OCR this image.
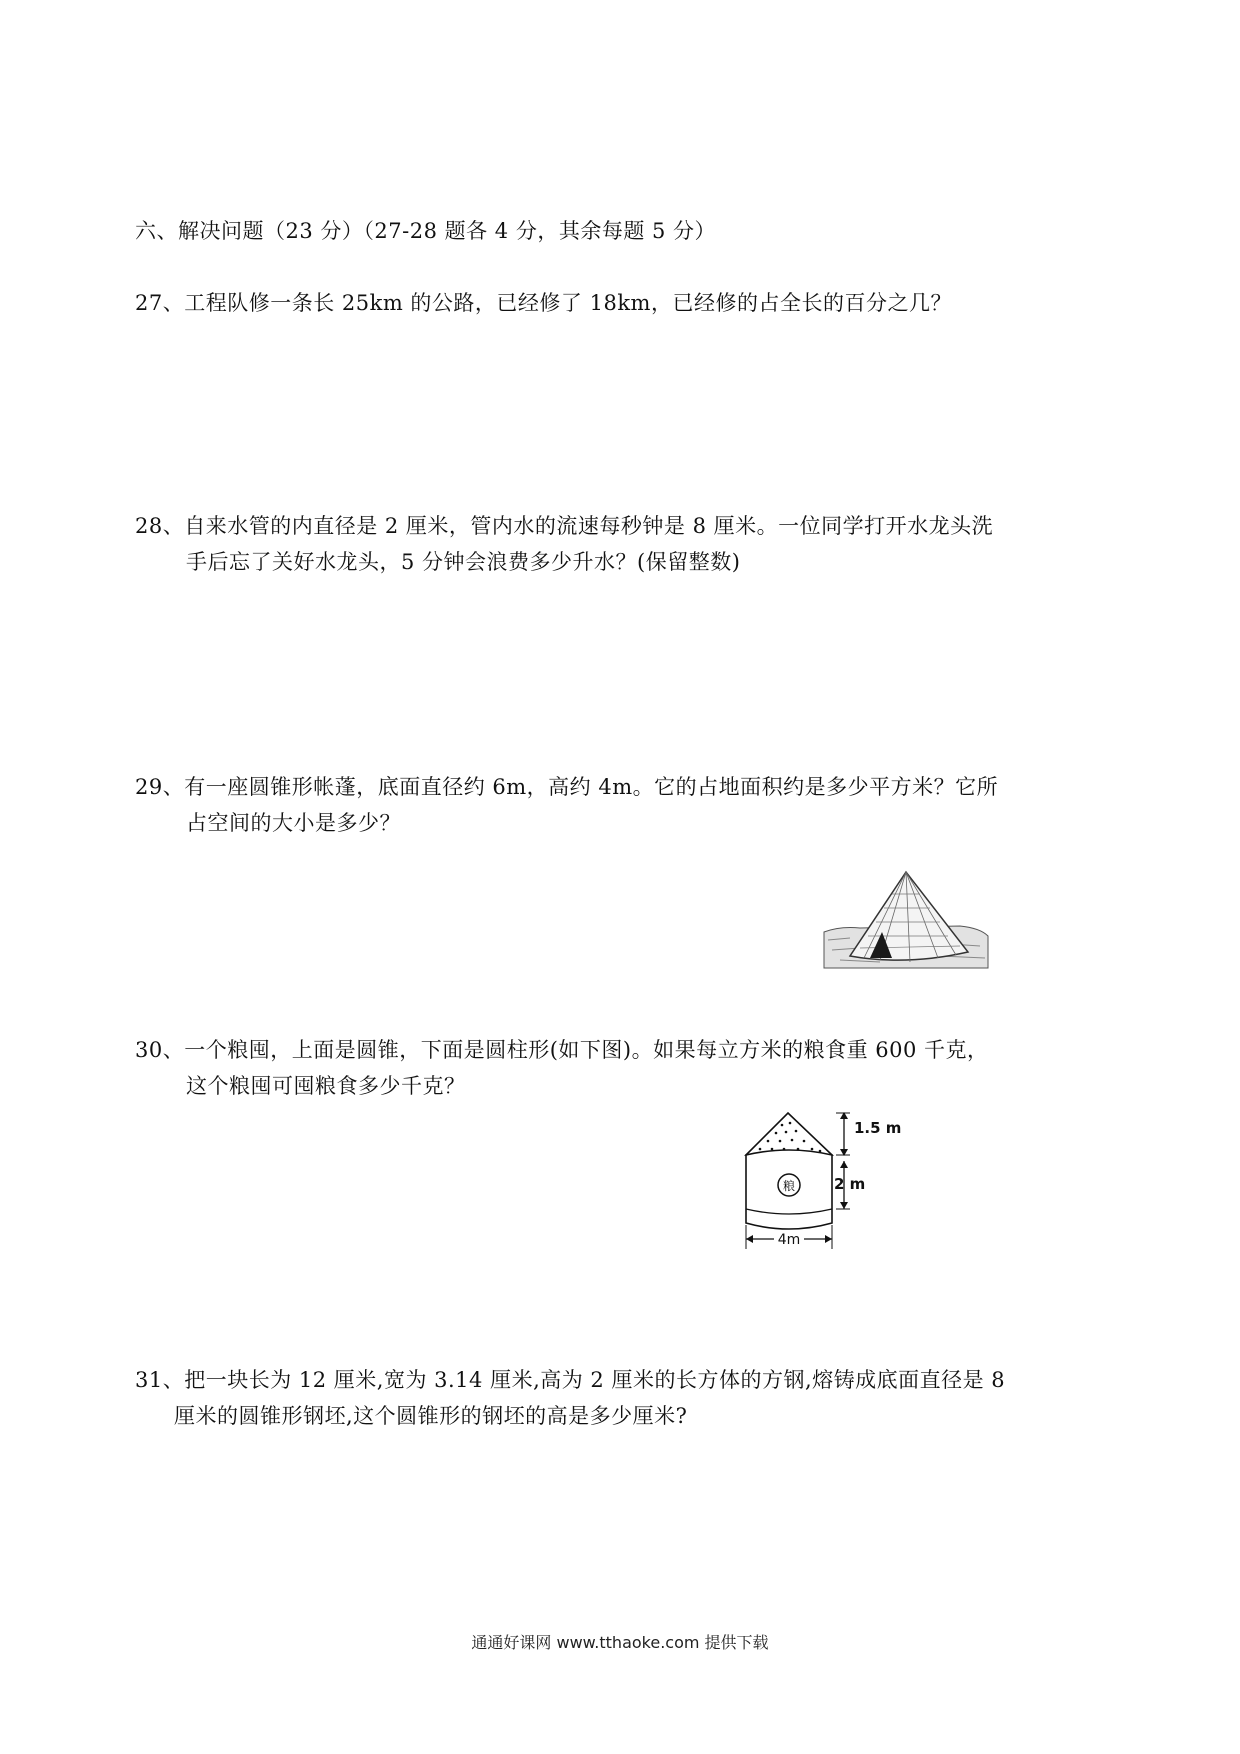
六、解决问题（23 分）（27-28 题各 4 分，其余每题 5 分）
27、工程队修一条长 25km 的公路，已经修了 18km，已经修的占全长的百分之几？
28、自来水管的内直径是 2 厘米，管内水的流速每秒钟是 8 厘米。一位同学打开水龙头洗
手后忘了关好水龙头，5 分钟会浪费多少升水？(保留整数)
29、有一座圆锥形帐蓬，底面直径约 6m，高约 4m。它的占地面积约是多少平方米？它所
占空间的大小是多少？
30、一个粮囤，上面是圆锥，下面是圆柱形(如下图)。如果每立方米的粮食重 600 千克，
这个粮囤可囤粮食多少千克？
粮
1.5 m
2 m
4m
31、把一块长为 12 厘米,宽为 3.14 厘米,高为 2 厘米的长方体的方钢,熔铸成底面直径是 8
厘米的圆锥形钢坯,这个圆锥形的钢坯的高是多少厘米?
通通好课网 www.tthaoke.com 提供下载
